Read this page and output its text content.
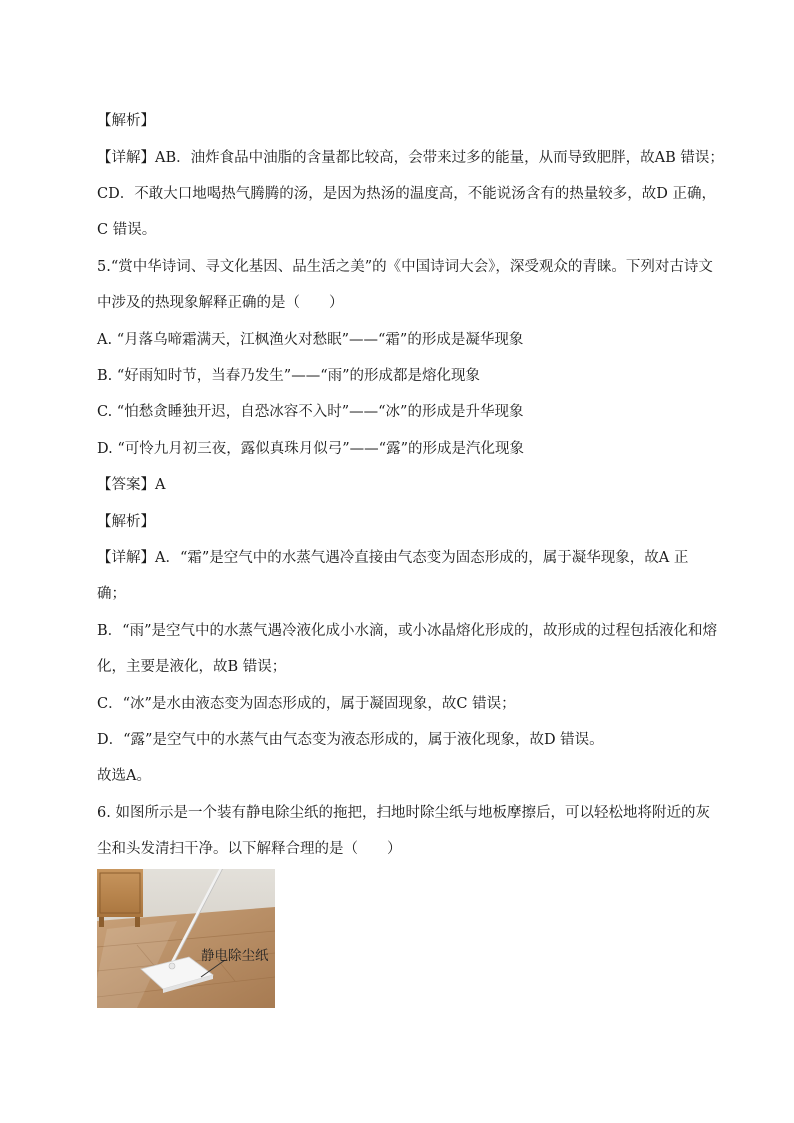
【解析】
【详解】AB．油炸食品中油脂的含量都比较高，会带来过多的能量，从而导致肥胖，故AB 错误；
CD．不敢大口地喝热气腾腾的汤，是因为热汤的温度高，不能说汤含有的热量较多，故D 正确，
C 错误。
5.“赏中华诗词、寻文化基因、品生活之美”的《中国诗词大会》，深受观众的青睐。下列对古诗文
中涉及的热现象解释正确的是（　　）
A. “月落乌啼霜满天，江枫渔火对愁眠”——“霜”的形成是凝华现象
B. “好雨知时节，当春乃发生”——“雨”的形成都是熔化现象
C. “怕愁贪睡独开迟，自恐冰容不入时”——“冰”的形成是升华现象
D. “可怜九月初三夜，露似真珠月似弓”——“露”的形成是汽化现象
【答案】A
【解析】
【详解】A．“霜”是空气中的水蒸气遇冷直接由气态变为固态形成的，属于凝华现象，故A 正
确；
B．“雨”是空气中的水蒸气遇冷液化成小水滴，或小冰晶熔化形成的，故形成的过程包括液化和熔
化，主要是液化，故B 错误；
C．“冰”是水由液态变为固态形成的，属于凝固现象，故C 错误；
D．“露”是空气中的水蒸气由气态变为液态形成的，属于液化现象，故D 错误。
故选A。
6. 如图所示是一个装有静电除尘纸的拖把，扫地时除尘纸与地板摩擦后，可以轻松地将附近的灰
尘和头发清扫干净。以下解释合理的是（　　）
静电除尘纸
